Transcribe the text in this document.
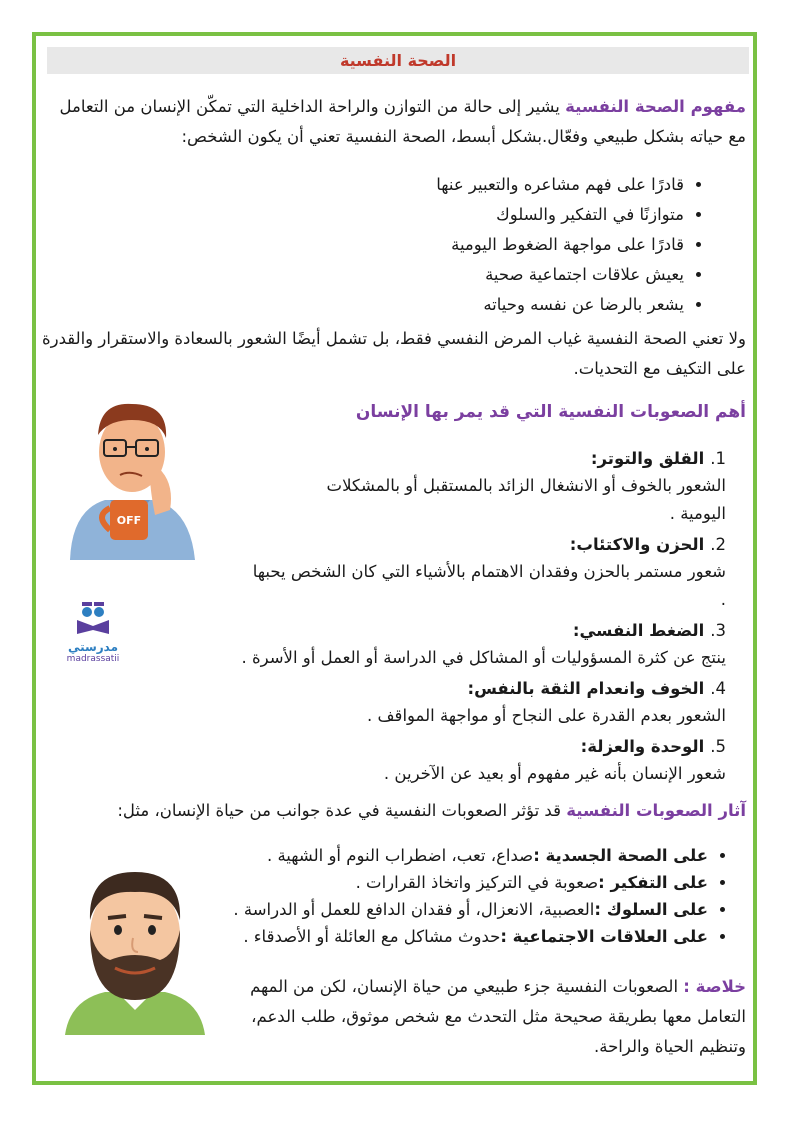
الصحة النفسية
مفهوم الصحة النفسية يشير إلى حالة من التوازن والراحة الداخلية التي تمكّن الإنسان من التعامل مع حياته بشكل طبيعي وفعّال.بشكل أبسط، الصحة النفسية تعني أن يكون الشخص:
• قادرًا على فهم مشاعره والتعبير عنها
• متوازنًا في التفكير والسلوك
• قادرًا على مواجهة الضغوط اليومية
• يعيش علاقات اجتماعية صحية
• يشعر بالرضا عن نفسه وحياته
ولا تعني الصحة النفسية غياب المرض النفسي فقط، بل تشمل أيضًا الشعور بالسعادة والاستقرار والقدرة على التكيف مع التحديات.
أهم الصعوبات النفسية التي قد يمر بها الإنسان
1.القلق والتوتر:
الشعور بالخوف أو الانشغال الزائد بالمستقبل أو بالمشكلات اليومية .
2.الحزن والاكتئاب:
شعور مستمر بالحزن وفقدان الاهتمام بالأشياء التي كان الشخص يحبها .
3.الضغط النفسي:
ينتج عن كثرة المسؤوليات أو المشاكل في الدراسة أو العمل أو الأسرة .
4.الخوف وانعدام الثقة بالنفس:
الشعور بعدم القدرة على النجاح أو مواجهة المواقف .
5.الوحدة والعزلة:
شعور الإنسان بأنه غير مفهوم أو بعيد عن الآخرين .
آثار الصعوبات النفسية قد تؤثر الصعوبات النفسية في عدة جوانب من حياة الإنسان، مثل:
• على الصحة الجسدية :صداع، تعب، اضطراب النوم أو الشهية .
• على التفكير :صعوبة في التركيز واتخاذ القرارات .
• على السلوك :العصبية، الانعزال، أو فقدان الدافع للعمل أو الدراسة .
• على العلاقات الاجتماعية :حدوث مشاكل مع العائلة أو الأصدقاء .
خلاصة : الصعوبات النفسية جزء طبيعي من حياة الإنسان، لكن من المهم التعامل معها بطريقة صحيحة مثل التحدث مع شخص موثوق، طلب الدعم، وتنظيم الحياة والراحة.
OFF
مدرستي
madrassatii
